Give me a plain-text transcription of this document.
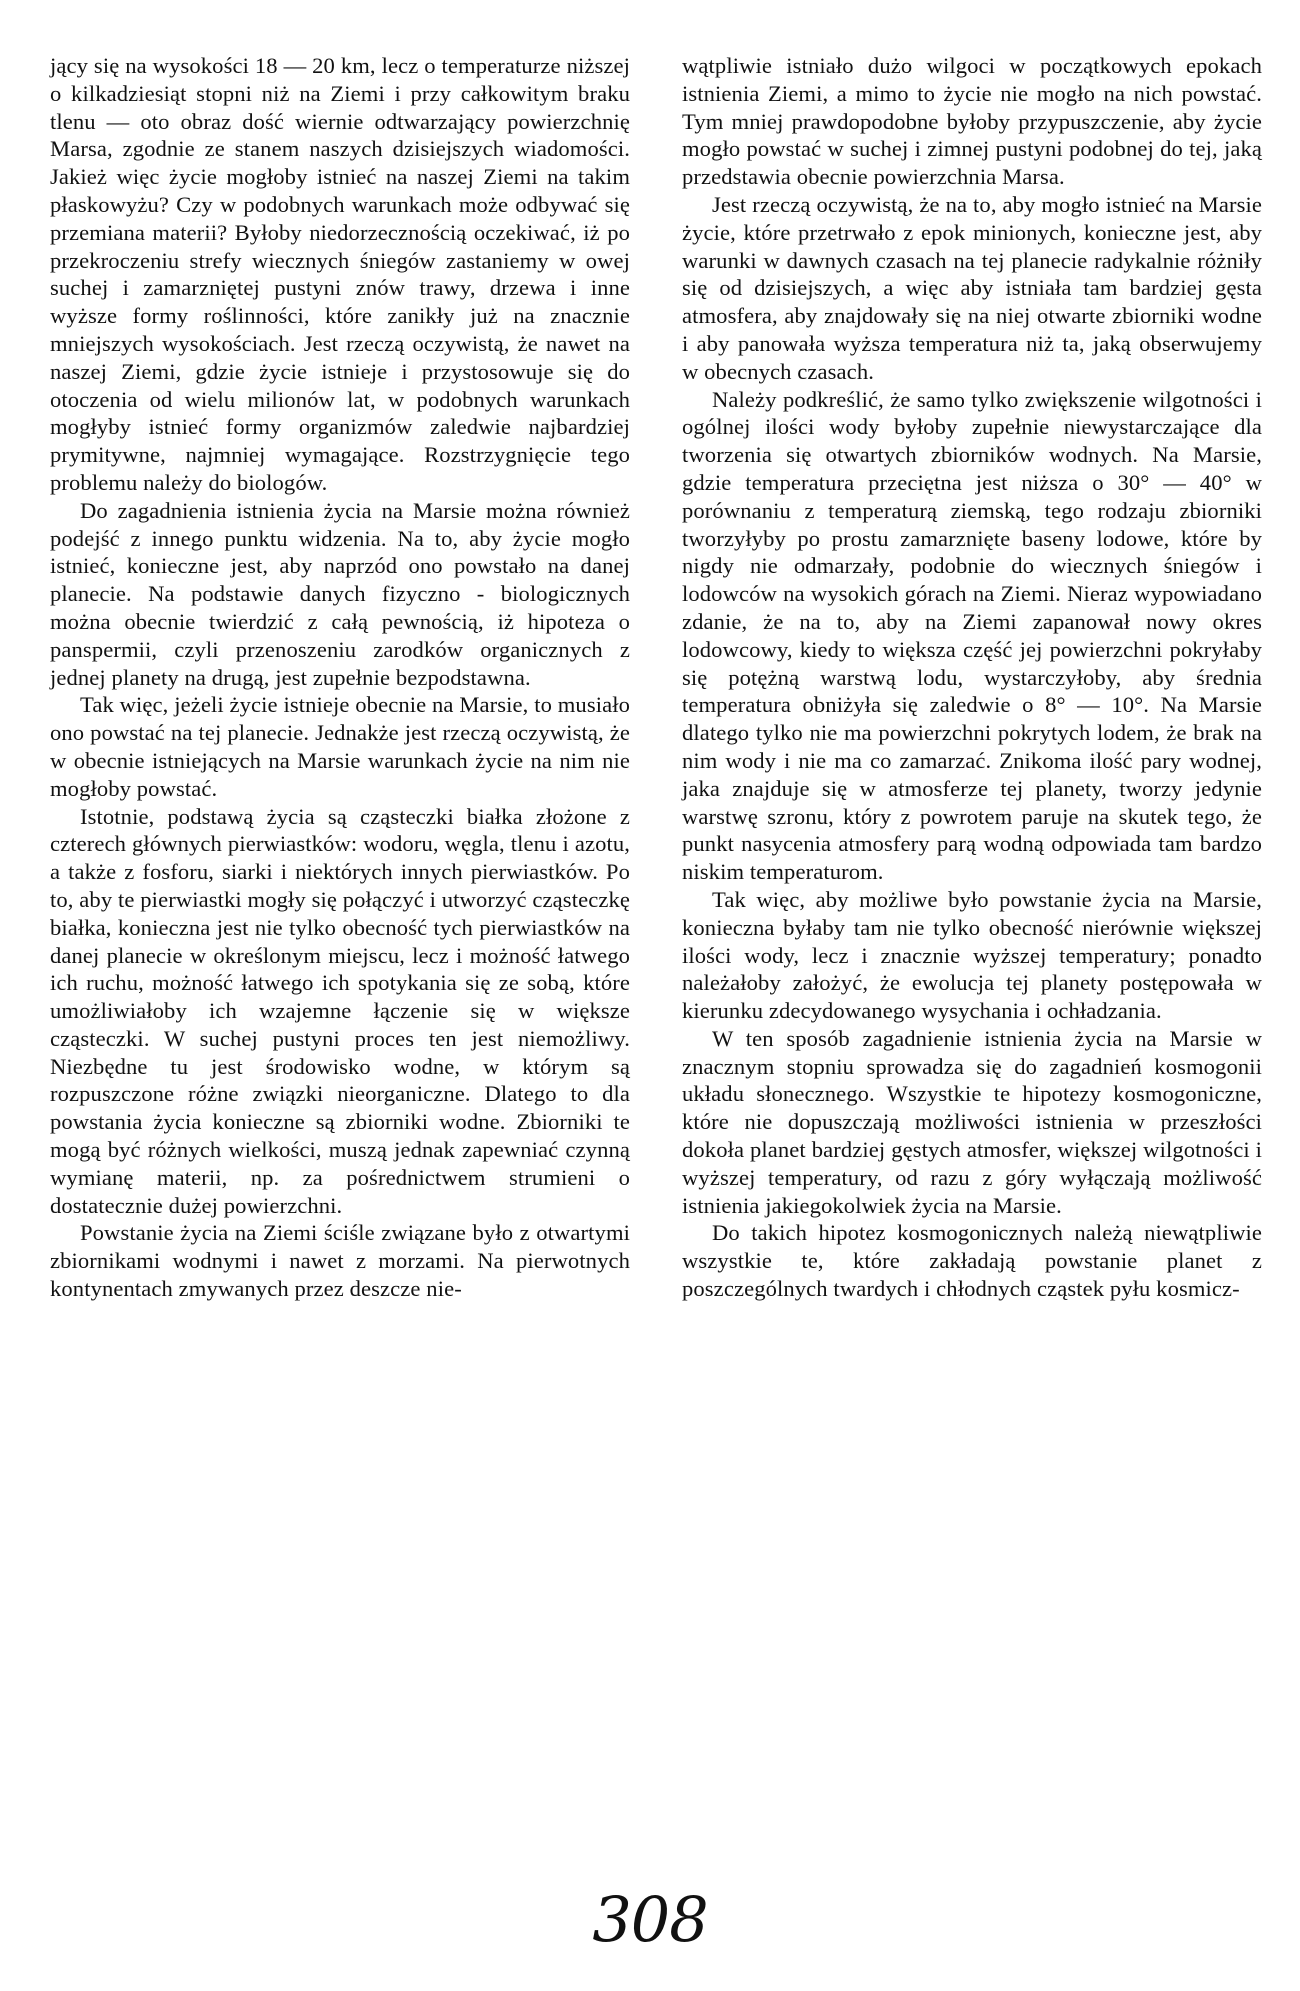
jący się na wysokości 18 — 20 km, lecz o temperaturze niższej o kilkadziesiąt stopni niż na Ziemi i przy całkowitym braku tlenu — oto obraz dość wiernie odtwarzający powierzchnię Marsa, zgodnie ze stanem naszych dzisiejszych wiadomości. Jakież więc życie mogłoby istnieć na naszej Ziemi na takim płaskowyżu? Czy w podobnych warunkach może odbywać się przemiana materii? Byłoby niedorzecznością oczekiwać, iż po przekroczeniu strefy wiecznych śniegów zastaniemy w owej suchej i zamarzniętej pustyni znów trawy, drzewa i inne wyższe formy roślinności, które zanikły już na znacznie mniejszych wysokościach. Jest rzeczą oczywistą, że nawet na naszej Ziemi, gdzie życie istnieje i przystosowuje się do otoczenia od wielu milionów lat, w podobnych warunkach mogłyby istnieć formy organizmów zaledwie najbardziej prymitywne, najmniej wymagające. Rozstrzygnięcie tego problemu należy do biologów.

Do zagadnienia istnienia życia na Marsie można również podejść z innego punktu widzenia. Na to, aby życie mogło istnieć, konieczne jest, aby naprzód ono powstało na danej planecie. Na podstawie danych fizyczno - biologicznych można obecnie twierdzić z całą pewnością, iż hipoteza o panspermii, czyli przenoszeniu zarodków organicznych z jednej planety na drugą, jest zupełnie bezpodstawna.

Tak więc, jeżeli życie istnieje obecnie na Marsie, to musiało ono powstać na tej planecie. Jednakże jest rzeczą oczywistą, że w obecnie istniejących na Marsie warunkach życie na nim nie mogłoby powstać.

Istotnie, podstawą życia są cząsteczki białka złożone z czterech głównych pierwiastków: wodoru, węgla, tlenu i azotu, a także z fosforu, siarki i niektórych innych pierwiastków. Po to, aby te pierwiastki mogły się połączyć i utworzyć cząsteczkę białka, konieczna jest nie tylko obecność tych pierwiastków na danej planecie w określonym miejscu, lecz i możność łatwego ich ruchu, możność łatwego ich spotykania się ze sobą, które umożliwiałoby ich wzajemne łączenie się w większe cząsteczki. W suchej pustyni proces ten jest niemożliwy. Niezbędne tu jest środowisko wodne, w którym są rozpuszczone różne związki nieorganiczne. Dlatego to dla powstania życia konieczne są zbiorniki wodne. Zbiorniki te mogą być różnych wielkości, muszą jednak zapewniać czynną wymianę materii, np. za pośrednictwem strumieni o dostatecznie dużej powierzchni.

Powstanie życia na Ziemi ściśle związane było z otwartymi zbiornikami wodnymi i nawet z morzami. Na pierwotnych kontynentach zmywanych przez deszcze nie-

wątpliwie istniało dużo wilgoci w początkowych epokach istnienia Ziemi, a mimo to życie nie mogło na nich powstać. Tym mniej prawdopodobne byłoby przypuszczenie, aby życie mogło powstać w suchej i zimnej pustyni podobnej do tej, jaką przedstawia obecnie powierzchnia Marsa.

Jest rzeczą oczywistą, że na to, aby mogło istnieć na Marsie życie, które przetrwało z epok minionych, konieczne jest, aby warunki w dawnych czasach na tej planecie radykalnie różniły się od dzisiejszych, a więc aby istniała tam bardziej gęsta atmosfera, aby znajdowały się na niej otwarte zbiorniki wodne i aby panowała wyższa temperatura niż ta, jaką obserwujemy w obecnych czasach.

Należy podkreślić, że samo tylko zwiększenie wilgotności i ogólnej ilości wody byłoby zupełnie niewystarczające dla tworzenia się otwartych zbiorników wodnych. Na Marsie, gdzie temperatura przeciętna jest niższa o 30° — 40° w porównaniu z temperaturą ziemską, tego rodzaju zbiorniki tworzyłyby po prostu zamarznięte baseny lodowe, które by nigdy nie odmarzały, podobnie do wiecznych śniegów i lodowców na wysokich górach na Ziemi. Nieraz wypowiadano zdanie, że na to, aby na Ziemi zapanował nowy okres lodowcowy, kiedy to większa część jej powierzchni pokryłaby się potężną warstwą lodu, wystarczyłoby, aby średnia temperatura obniżyła się zaledwie o 8° — 10°. Na Marsie dlatego tylko nie ma powierzchni pokrytych lodem, że brak na nim wody i nie ma co zamarzać. Znikoma ilość pary wodnej, jaka znajduje się w atmosferze tej planety, tworzy jedynie warstwę szronu, który z powrotem paruje na skutek tego, że punkt nasycenia atmosfery parą wodną odpowiada tam bardzo niskim temperaturom.

Tak więc, aby możliwe było powstanie życia na Marsie, konieczna byłaby tam nie tylko obecność nierównie większej ilości wody, lecz i znacznie wyższej temperatury; ponadto należałoby założyć, że ewolucja tej planety postępowała w kierunku zdecydowanego wysychania i ochładzania.

W ten sposób zagadnienie istnienia życia na Marsie w znacznym stopniu sprowadza się do zagadnień kosmogonii układu słonecznego. Wszystkie te hipotezy kosmogoniczne, które nie dopuszczają możliwości istnienia w przeszłości dokoła planet bardziej gęstych atmosfer, większej wilgotności i wyższej temperatury, od razu z góry wyłączają możliwość istnienia jakiegokolwiek życia na Marsie.

Do takich hipotez kosmogonicznych należą niewątpliwie wszystkie te, które zakładają powstanie planet z poszczególnych twardych i chłodnych cząstek pyłu kosmicz-

308
